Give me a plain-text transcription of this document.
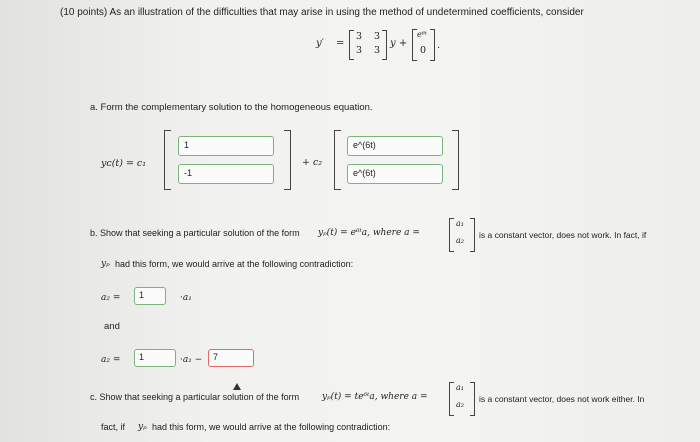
(10 points) As an illustration of the difficulties that may arise in using the method of undetermined coefficients, consider
y′ =
3 3
3 3
y +
e⁶ᵗ
0 .
a. Form the complementary solution to the homogeneous equation.
yᴄ(t) = c₁
1
-1
+ c₂
e^(6t)
e^(6t)
b. Show that seeking a particular solution of the form yₚ(t) = e⁶ᵗa, where a =
a₁
a₂
is a constant vector, does not work. In fact, if
yₚ had this form, we would arrive at the following contradiction:
a₂ =	1	·a₁
and
a₂ =	1	·a₁ −	7
c. Show that seeking a particular solution of the form	yₚ(t) = te⁶ᵗa, where a =
a₁
a₂
is a constant vector, does not work either. In
fact, if yₚ had this form, we would arrive at the following contradiction:
